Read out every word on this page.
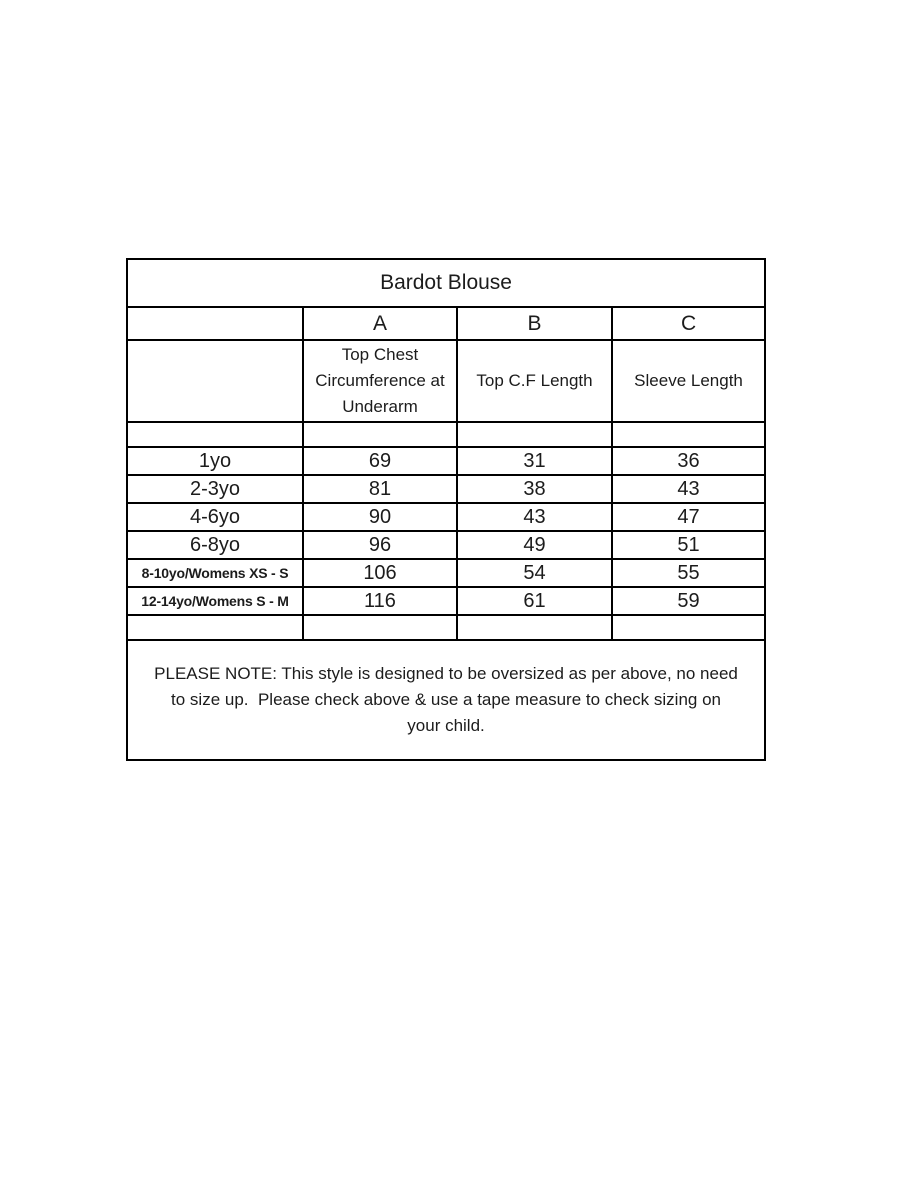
Bardot Blouse			
	A	B	C
	Top Chest Circumference at Underarm	Top C.F Length	Sleeve Length

1yo	69	31	36
2-3yo	81	38	43
4-6yo	90	43	47
6-8yo	96	49	51
8-10yo/Womens XS - S	106	54	55
12-14yo/Womens S - M	116	61	59

PLEASE NOTE: This style is designed to be oversized as per above, no need
to size up.  Please check above & use a tape measure to check sizing on
your child.			
